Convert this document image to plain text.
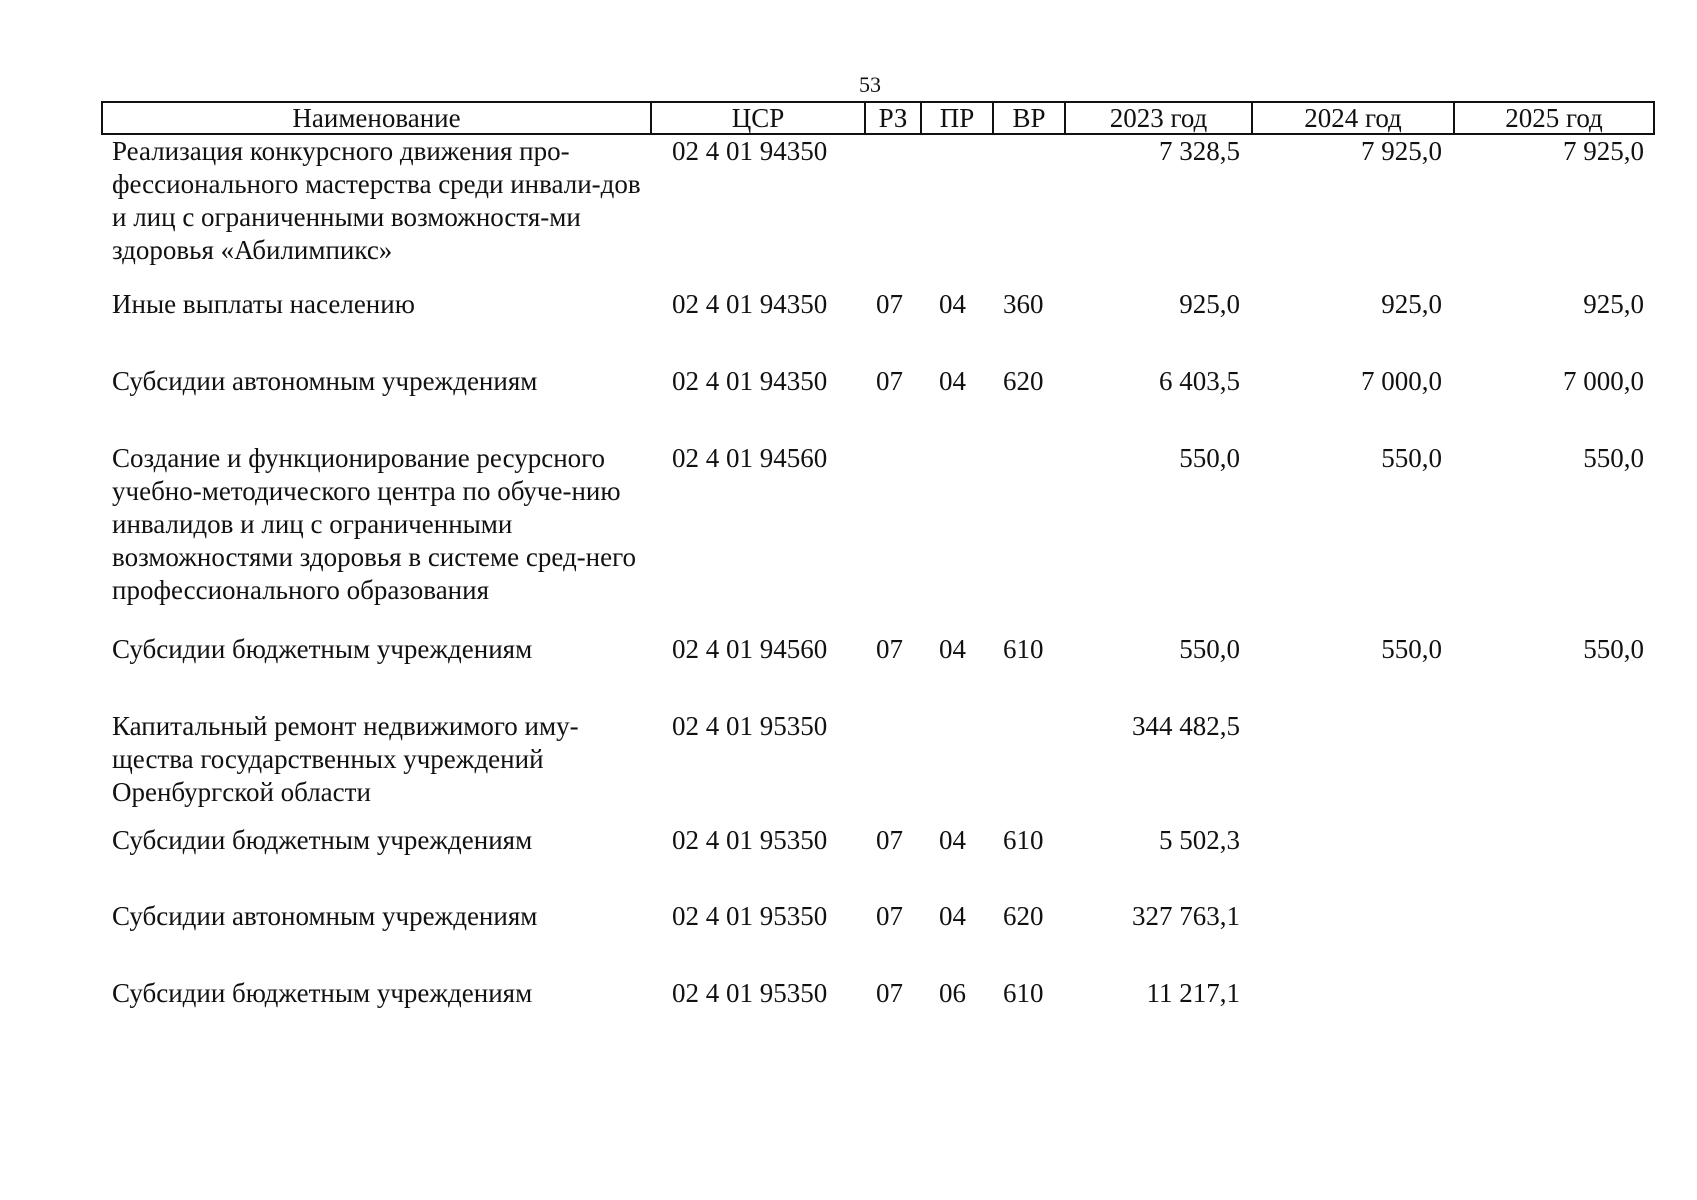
53
Наименование	ЦСР	РЗ	ПР	ВР	2023 год	2024 год	2025 год
Реализация конкурсного движения про-фессионального мастерства среди инвали-дов и лиц с ограниченными возможностя-ми здоровья «Абилимпикс»	02 4 01 94350				7 328,5	7 925,0	7 925,0
Иные выплаты населению	02 4 01 94350	07	04	360	925,0	925,0	925,0
Субсидии автономным учреждениям	02 4 01 94350	07	04	620	6 403,5	7 000,0	7 000,0
Создание и функционирование ресурсного учебно-методического центра по обуче-нию инвалидов и лиц с ограниченными возможностями здоровья в системе сред-него профессионального образования	02 4 01 94560				550,0	550,0	550,0
Субсидии бюджетным учреждениям	02 4 01 94560	07	04	610	550,0	550,0	550,0
Капитальный ремонт недвижимого иму-щества государственных учреждений Оренбургской области	02 4 01 95350				344 482,5		
Субсидии бюджетным учреждениям	02 4 01 95350	07	04	610	5 502,3		
Субсидии автономным учреждениям	02 4 01 95350	07	04	620	327 763,1		
Субсидии бюджетным учреждениям	02 4 01 95350	07	06	610	11 217,1		
